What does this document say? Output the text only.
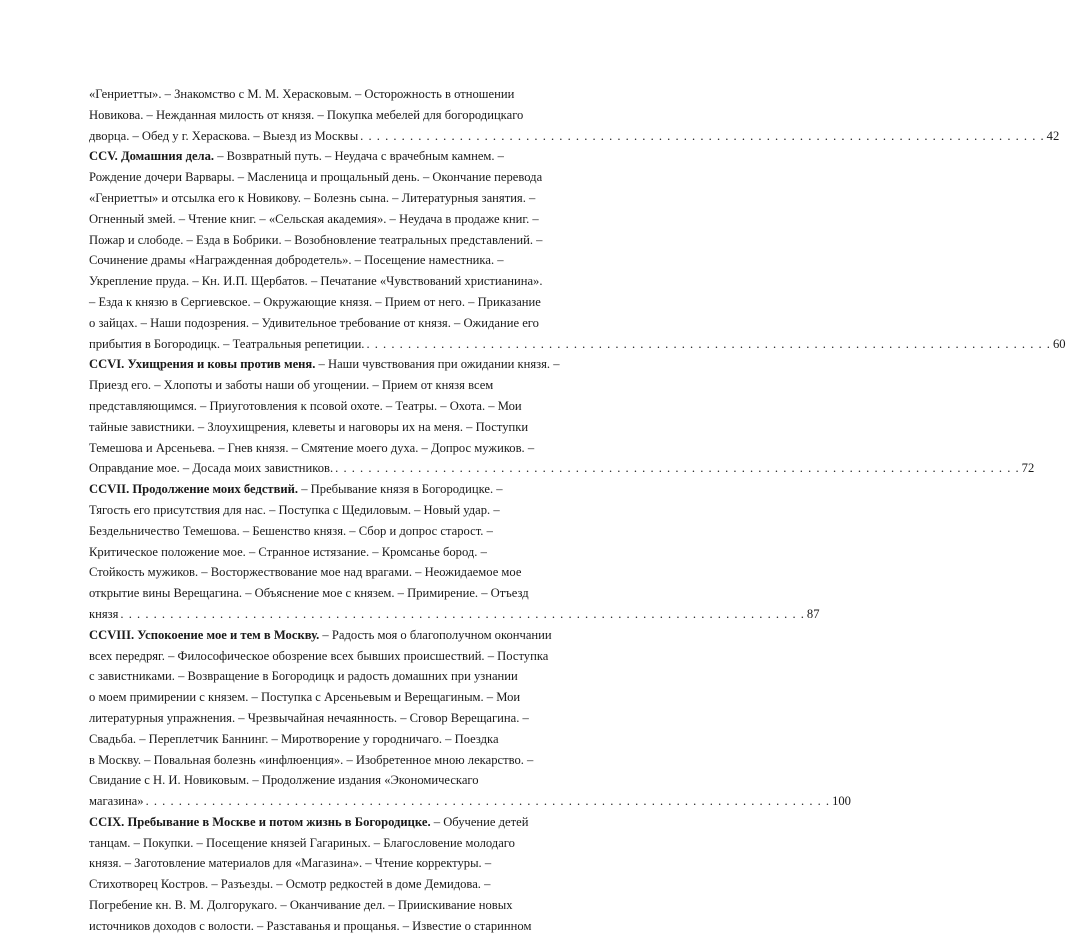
«Генриетты». – Знакомство с М. М. Херасковым. – Осторожность в отношении
Новикова. – Нежданная милость от князя. – Покупка мебелей для богородицкаго
дворца. – Обед у г. Хераскова. – Выезд из Москвы . . . . . . . . . . . . . . . . . . . . . . . . . . . . . . . . . . . . . . . . . . . . . . . . . . . . . . . . . . . . . . . . . . . . . . . . . . . . . . . . . . . 42
CCV. Домашния дела. – Возвратный путь. – Неудача с врачебным камнем. –
Рождение дочери Варвары. – Масленица и прощальный день. – Окончание перевода
«Генриетты» и отсылка его к Новикову. – Болезнь сына. – Литературныя занятия. –
Огненный змей. – Чтение книг. – «Сельская академия». – Неудача в продаже книг. –
Пожар и слободе. – Езда в Бобрики. – Возобновление театральных представлений. –
Сочинение драмы «Награжденная добродетель». – Посещение наместника. –
Укрепление пруда. – Кн. И.П. Щербатов. – Печатание «Чувствований христианина».
– Езда к князю в Сергиевское. – Окружающие князя. – Прием от него. – Приказание
о зайцах. – Наши подозрения. – Удивительное требование от князя. – Ожидание его
прибытия в Богородицк. – Театральныя репетиции. . . . . . . . . . . . . . . . . . . . . . . . . . . . . . . . . . . . . . . . . . . . . . . . . . . . . . . . . . . . . . . . . . . . . . . . . . . . . . . . . . . . 60
CCVI. Ухищрения и ковы против меня. – Наши чувствования при ожидании князя. –
Приезд его. – Хлопоты и заботы наши об угощении. – Прием от князя всем
представляющимся. – Приуготовления к псовой охоте. – Театры. – Охота. – Мои
тайные завистники. – Злоухищрения, клеветы и наговоры их на меня. – Поступки
Темешова и Арсеньева. – Гнев князя. – Смятение моего духа. – Допрос мужиков. –
Оправдание мое. – Досада моих завистников. . . . . . . . . . . . . . . . . . . . . . . . . . . . . . . . . . . . . . . . . . . . . . . . . . . . . . . . . . . . . . . . . . . . . . . . . . . . . . . . . . . . 72
CCVII. Продолжение моих бедствий. – Пребывание князя в Богородицке. –
Тягость его присутствия для нас. – Поступка с Щедиловым. – Новый удар. –
Бездельничество Темешова. – Бешенство князя. – Сбор и допрос старост. –
Критическое положение мое. – Странное истязание. – Кромсанье бород. –
Стойкость мужиков. – Восторжествование мое над врагами. – Неожидаемое мое
открытие вины Верещагина. – Объяснение мое с князем. – Примирение. – Отъезд
князя . . . . . . . . . . . . . . . . . . . . . . . . . . . . . . . . . . . . . . . . . . . . . . . . . . . . . . . . . . . . . . . . . . . . . . . . . . . . . . . . . . . 87
CCVIII. Успокоение мое и тем в Москву. – Радость моя о благополучном окончании
всех передряг. – Философическое обозрение всех бывших происшествий. – Поступка
с завистниками. – Возвращение в Богородицк и радость домашних при узнании
о моем примирении с князем. – Поступка с Арсеньевым и Верещагиным. – Мои
литературныя упражнения. – Чрезвычайная нечаянность. – Сговор Верещагина. –
Свадьба. – Переплетчик Баннинг. – Миротворение у городничаго. – Поездка
в Москву. – Повальная болезнь «инфлюенция». – Изобретенное мною лекарство. –
Свидание с Н. И. Новиковым. – Продолжение издания «Экономическаго
магазина» . . . . . . . . . . . . . . . . . . . . . . . . . . . . . . . . . . . . . . . . . . . . . . . . . . . . . . . . . . . . . . . . . . . . . . . . . . . . . . . . . . . 100
CCIX. Пребывание в Москве и потом жизнь в Богородицке. – Обучение детей
танцам. – Покупки. – Посещение князей Гагариных. – Благословение молодаго
князя. – Заготовление материалов для «Магазина». – Чтение корректуры. –
Стихотворец Костров. – Разъезды. – Осмотр редкостей в доме Демидова. –
Погребение кн. В. М. Долгорукаго. – Оканчивание дел. – Приискивание новых
источников доходов с волости. – Разставанья и прощанья. – Известие о старинном
